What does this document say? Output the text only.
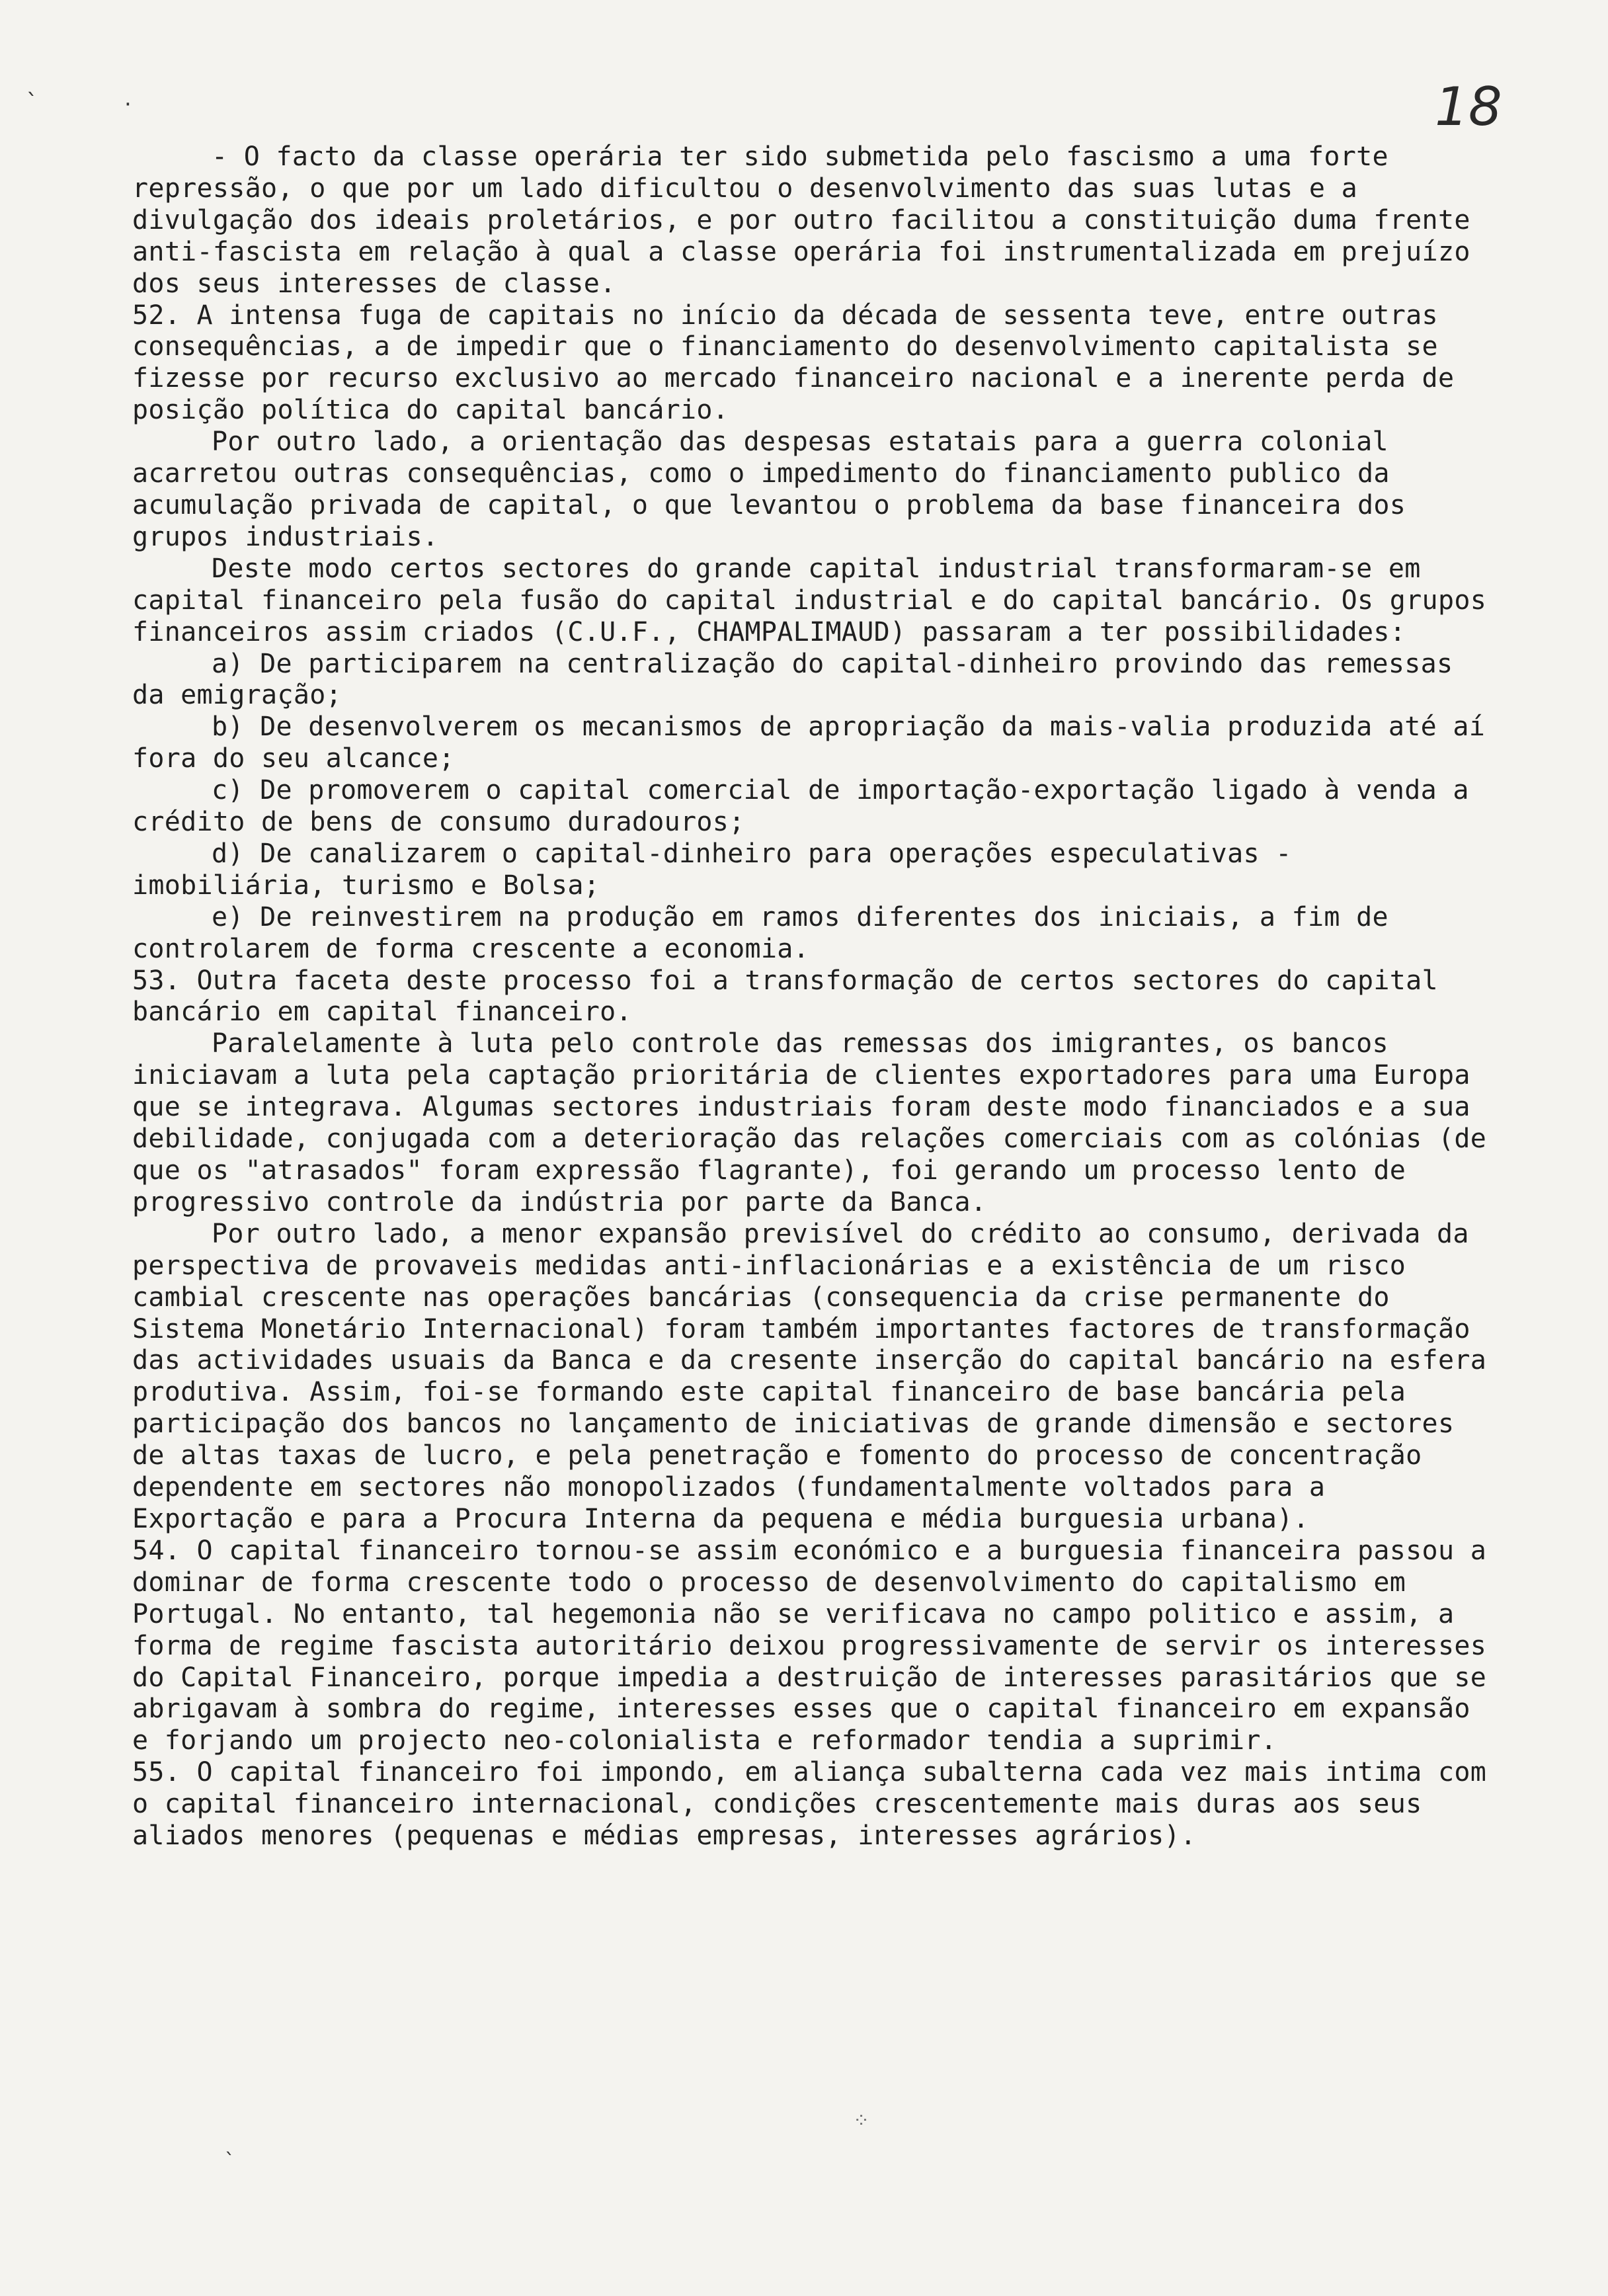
ˋ	·	18

- O facto da classe operária ter sido submetida pelo fascismo a uma forte repressão, o que por um lado dificultou o desenvolvimento das suas lutas e a divulgação dos ideais proletários, e por outro facilitou a constituição duma frente anti-fascista em relação à qual a classe operária foi instrumentalizada em prejuízo dos seus interesses de classe.

52. A intensa fuga de capitais no início da década de sessenta teve, entre outras consequências, a de impedir que o financiamento do desenvolvimento capitalista se fizesse por recurso exclusivo ao mercado financeiro nacional e a inerente perda de posição política do capital bancário.

Por outro lado, a orientação das despesas estatais para a guerra colonial acarretou outras consequências, como o impedimento do financiamento publico da acumulação privada de capital, o que levantou o problema da base financeira dos grupos industriais.

Deste modo certos sectores do grande capital industrial transformaram-se em capital financeiro pela fusão do capital industrial e do capital bancário. Os grupos financeiros assim criados (C.U.F., CHAMPALIMAUD) passaram a ter possibilidades:

a) De participarem na centralização do capital-dinheiro provindo das remessas da emigração;

b) De desenvolverem os mecanismos de apropriação da mais-valia produzida até aí fora do seu alcance;

c) De promoverem o capital comercial de importação-exportação ligado à venda a crédito de bens de consumo duradouros;

d) De canalizarem o capital-dinheiro para operações especulativas - imobiliária, turismo e Bolsa;

e) De reinvestirem na produção em ramos diferentes dos iniciais, a fim de controlarem de forma crescente a economia.

53. Outra faceta deste processo foi a transformação de certos sectores do capital bancário em capital financeiro.

Paralelamente à luta pelo controle das remessas dos imigrantes, os bancos iniciavam a luta pela captação prioritária de clientes exportadores para uma Europa que se integrava. Algumas sectores industriais foram deste modo financiados e a sua debilidade, conjugada com a deterioração das relações comerciais com as colónias (de que os "atrasados" foram expressão flagrante), foi gerando um processo lento de progressivo controle da indústria por parte da Banca.

Por outro lado, a menor expansão previsível do crédito ao consumo, derivada da perspectiva de provaveis medidas anti-inflacionárias e a existência de um risco cambial crescente nas operações bancárias (consequencia da crise permanente do Sistema Monetário Internacional) foram também importantes factores de transformação das actividades usuais da Banca e da cresente inserção do capital bancário na esfera produtiva. Assim, foi-se formando este capital financeiro de base bancária pela participação dos bancos no lançamento de iniciativas de grande dimensão e sectores de altas taxas de lucro, e pela penetração e fomento do processo de concentração dependente em sectores não monopolizados (fundamentalmente voltados para a Exportação e para a Procura Interna da pequena e média burguesia urbana).

54. O capital financeiro tornou-se assim económico e a burguesia financeira passou a dominar de forma crescente todo o processo de desenvolvimento do capitalismo em Portugal. No entanto, tal hegemonia não se verificava no campo politico e assim, a forma de regime fascista autoritário deixou progressivamente de servir os interesses do Capital Financeiro, porque impedia a destruição de interesses parasitários que se abrigavam à sombra do regime, interesses esses que o capital financeiro em expansão e forjando um projecto neo-colonialista e reformador tendia a suprimir.

55. O capital financeiro foi impondo, em aliança subalterna cada vez mais intima com o capital financeiro internacional, condições crescentemente mais duras aos seus aliados menores (pequenas e médias empresas, interesses agrários).

ˎ
⁘
